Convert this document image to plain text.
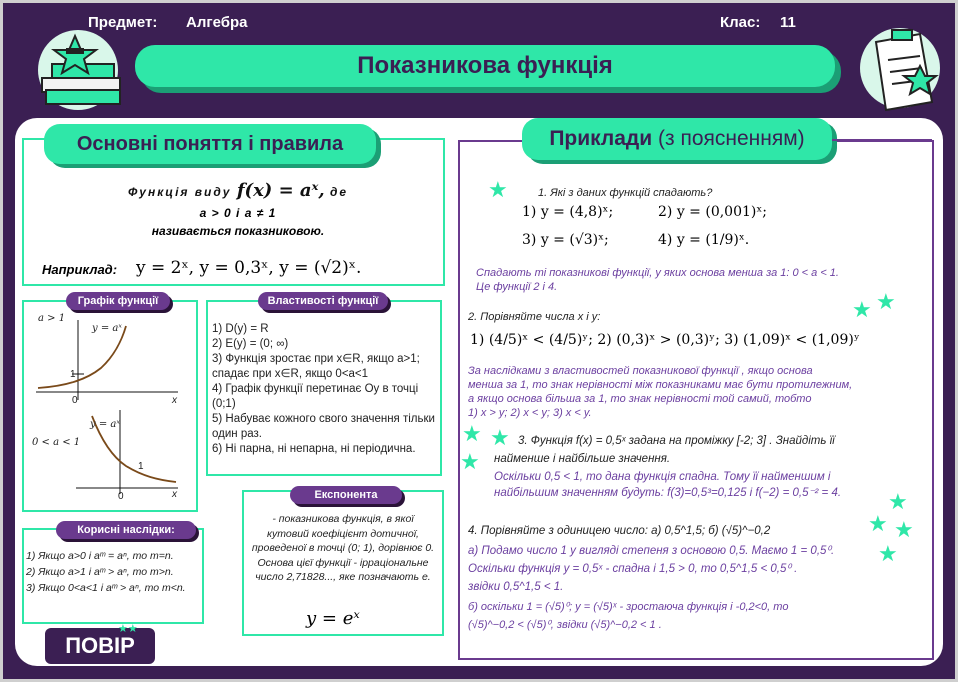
Предмет: Алгебра	Клас: 11
Показникова функція
Основні поняття і правила
Функція виду f(x) = aˣ, де
a > 0 і a ≠ 1
називається показниковою.
Наприклад: y = 2ˣ, y = 0,3ˣ, y = (√2)ˣ.
Графік функції
a > 1
y = aˣ
1
0	x
0 < a < 1
y = aˣ
1
0	x
Властивості функції
1) D(y) = R
2) E(y) = (0; ∞)
3) Функція зростає при x∈R, якщо a>1; спадає при x∈R, якщо 0<a<1
4) Графік функції перетинає Oy в точці (0;1)
5) Набуває кожного свого значення тільки один раз.
6) Ні парна, ні непарна, ні періодична.
Корисні наслідки:
1) Якщо a>0 і aᵐ = aⁿ, то m=n.
2) Якщо a>1 і aᵐ > aⁿ, то m>n.
3) Якщо 0<a<1 і aᵐ > aⁿ, то m<n.
Експонента
- показникова функція, в якої кутовий коефіцієнт дотичної, проведеної в точці (0; 1), дорівнює 0. Основа цієї функції - ірраціональне число 2,71828..., яке позначають e.
y = eˣ
ПОВІР
★★
Приклади (з поясненням)
★
★ ★
★ ★
★
★
★ ★
★
1. Які з даних функцій спадають?
1) y = (4,8)ˣ;	2) y = (0,001)ˣ;
3) y = (√3)ˣ;	4) y = (1/9)ˣ.
Спадають ті показникові функції, у яких основа менша за 1: 0 < a < 1.
Це функції 2 і 4.
2. Порівняйте числа x і y:
1) (4/5)ˣ < (4/5)ʸ; 2) (0,3)ˣ > (0,3)ʸ; 3) (1,09)ˣ < (1,09)ʸ
За наслідками з властивостей показникової функції , якщо основа
менша за 1, то знак нерівності між показниками має бути протилежним,
а якщо основа більша за 1, то знак нерівності той самий, тобто
1) x > y; 2) x < y; 3) x < y.
3. Функція f(x) = 0,5ˣ задана на проміжку [-2; 3] . Знайдіть її
найменше і найбільше значення.
Оскільки 0,5 < 1, то дана функція спадна. Тому її найменшим і
найбільшим значенням будуть: f(3)=0,5³=0,125 і f(−2) = 0,5⁻² = 4.
4. Порівняйте з одиницею число: а) 0,5^1,5; б) (√5)^−0,2
а) Подамо число 1 у вигляді степеня з основою 0,5. Маємо 1 = 0,5⁰.
Оскільки функція y = 0,5ˣ - спадна і 1,5 > 0, то 0,5^1,5 < 0,5⁰ .
звідки 0,5^1,5 < 1.
б) оскільки 1 = (√5)⁰; y = (√5)ˣ - зростаюча функція і -0,2<0, то
(√5)^−0,2 < (√5)⁰, звідки (√5)^−0,2 < 1 .
